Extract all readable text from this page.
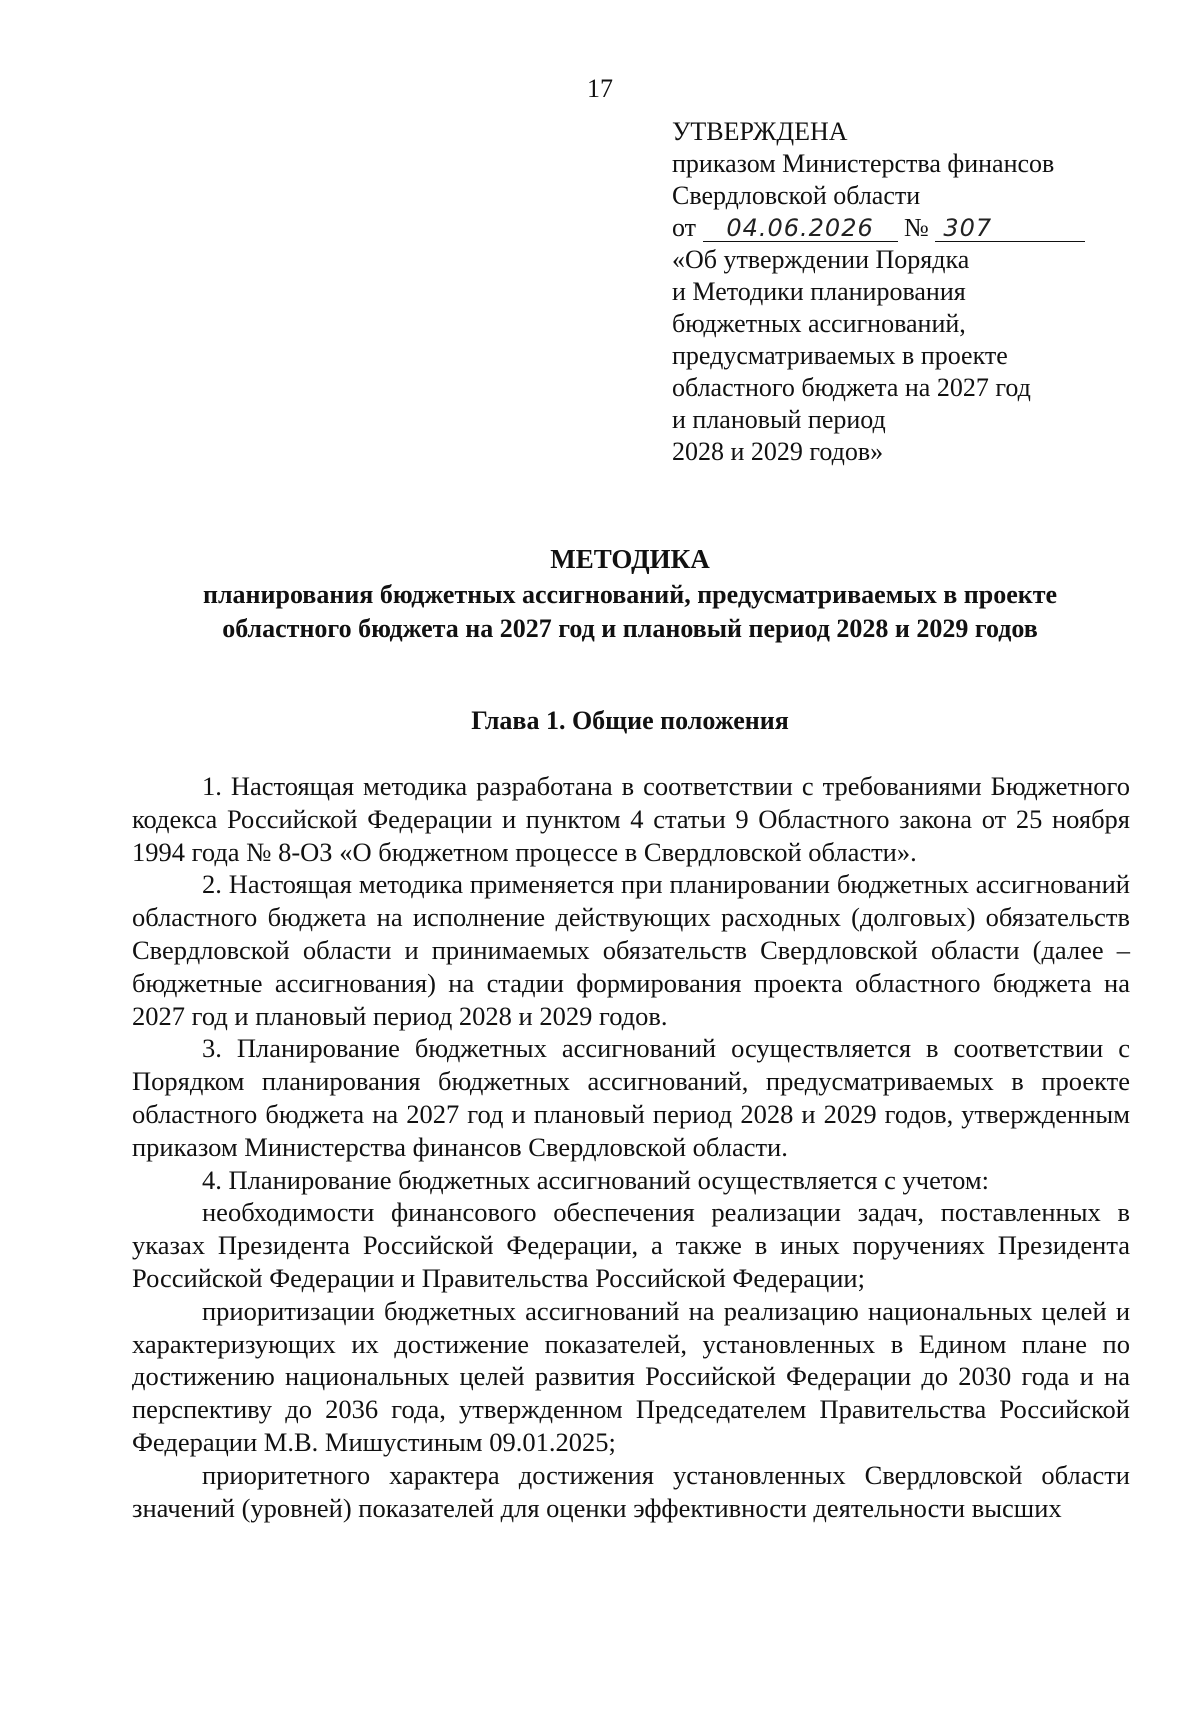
17
УТВЕРЖДЕНА
приказом Министерства финансов
Свердловской области
от 04.06.2026 № 307
«Об утверждении Порядка
и Методики планирования
бюджетных ассигнований,
предусматриваемых в проекте
областного бюджета на 2027 год
и плановый период
2028 и 2029 годов»
МЕТОДИКА
планирования бюджетных ассигнований, предусматриваемых в проекте
областного бюджета на 2027 год и плановый период 2028 и 2029 годов
Глава 1. Общие положения

1. Настоящая методика разработана в соответствии с требованиями Бюджетного кодекса Российской Федерации и пунктом 4 статьи 9 Областного закона от 25 ноября 1994 года № 8-ОЗ «О бюджетном процессе в Свердловской области».

2. Настоящая методика применяется при планировании бюджетных ассигнований областного бюджета на исполнение действующих расходных (долговых) обязательств Свердловской области и принимаемых обязательств Свердловской области (далее – бюджетные ассигнования) на стадии формирования проекта областного бюджета на 2027 год и плановый период 2028 и 2029 годов.

3. Планирование бюджетных ассигнований осуществляется в соответствии с Порядком планирования бюджетных ассигнований, предусматриваемых в проекте областного бюджета на 2027 год и плановый период 2028 и 2029 годов, утвержденным приказом Министерства финансов Свердловской области.

4. Планирование бюджетных ассигнований осуществляется с учетом:

необходимости финансового обеспечения реализации задач, поставленных в указах Президента Российской Федерации, а также в иных поручениях Президента Российской Федерации и Правительства Российской Федерации;

приоритизации бюджетных ассигнований на реализацию национальных целей и характеризующих их достижение показателей, установленных в Едином плане по достижению национальных целей развития Российской Федерации до 2030 года и на перспективу до 2036 года, утвержденном Председателем Правительства Российской Федерации М.В. Мишустиным 09.01.2025;

приоритетного характера достижения установленных Свердловской области значений (уровней) показателей для оценки эффективности деятельности высших
